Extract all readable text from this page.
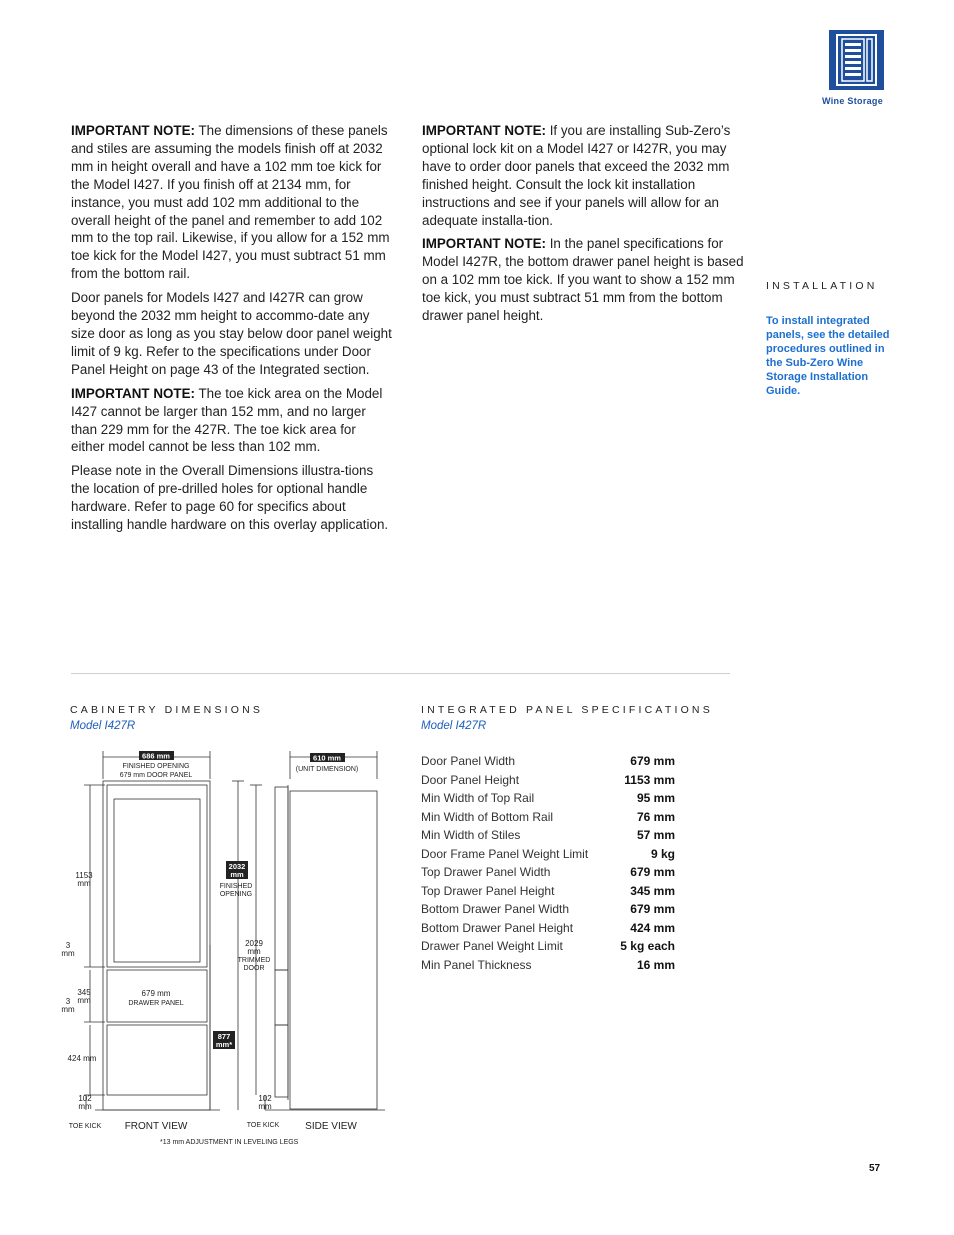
Wine Storage

IMPORTANT NOTE: The dimensions of these panels and stiles are assuming the models finish off at 2032 mm in height overall and have a 102 mm toe kick for the Model I427. If you finish off at 2134 mm, for instance, you must add 102 mm additional to the overall height of the panel and remember to add 102 mm to the top rail. Likewise, if you allow for a 152 mm toe kick for the Model I427, you must subtract 51 mm from the bottom rail.

Door panels for Models I427 and I427R can grow beyond the 2032 mm height to accommo-date any size door as long as you stay below door panel weight limit of 9 kg. Refer to the specifications under Door Panel Height on page 43 of the Integrated section.

IMPORTANT NOTE: The toe kick area on the Model I427 cannot be larger than 152 mm, and no larger than 229 mm for the 427R. The toe kick area for either model cannot be less than 102 mm.

Please note in the Overall Dimensions illustra-tions the location of pre-drilled holes for optional handle hardware. Refer to page 60 for specifics about installing handle hardware on this overlay application.

IMPORTANT NOTE: If you are installing Sub-Zero’s optional lock kit on a Model I427 or I427R, you may have to order door panels that exceed the 2032 mm finished height. Consult the lock kit installation instructions and see if your panels will allow for an adequate installa-tion.

IMPORTANT NOTE: In the panel specifications for Model I427R, the bottom drawer panel height is based on a 102 mm toe kick. If you want to show a 152 mm toe kick, you must subtract 51 mm from the bottom drawer panel height.

INSTALLATION
To install integrated panels, see the detailed procedures outlined in the Sub-Zero Wine Storage Installation Guide.
CABINETRY DIMENSIONS
Model I427R
INTEGRATED PANEL SPECIFICATIONS
Model I427R
Door Panel Width	679 mm
Door Panel Height	1153 mm
Min Width of Top Rail	95 mm
Min Width of Bottom Rail	76 mm
Min Width of Stiles	57 mm
Door Frame Panel Weight Limit	9 kg
Top Drawer Panel Width	679 mm
Top Drawer Panel Height	345 mm
Bottom Drawer Panel Width	679 mm
Bottom Drawer Panel Height	424 mm
Drawer Panel Weight Limit	5 kg each
Min Panel Thickness	16 mm
686 mm	610 mm
2032
mm
877
mm*
FINISHED OPENING
679 mm DOOR PANEL
(UNIT DIMENSION)
1153
mm	FINISHED
OPENING
2029
mm
TRIMMED
DOOR
3
mm
345
mm
3
mm
679 mm
DRAWER PANEL
424 mm
102
mm
102
mm
TOE KICK	TOE KICK
FRONT VIEW	SIDE VIEW
*13 mm ADJUSTMENT IN LEVELING LEGS
57
